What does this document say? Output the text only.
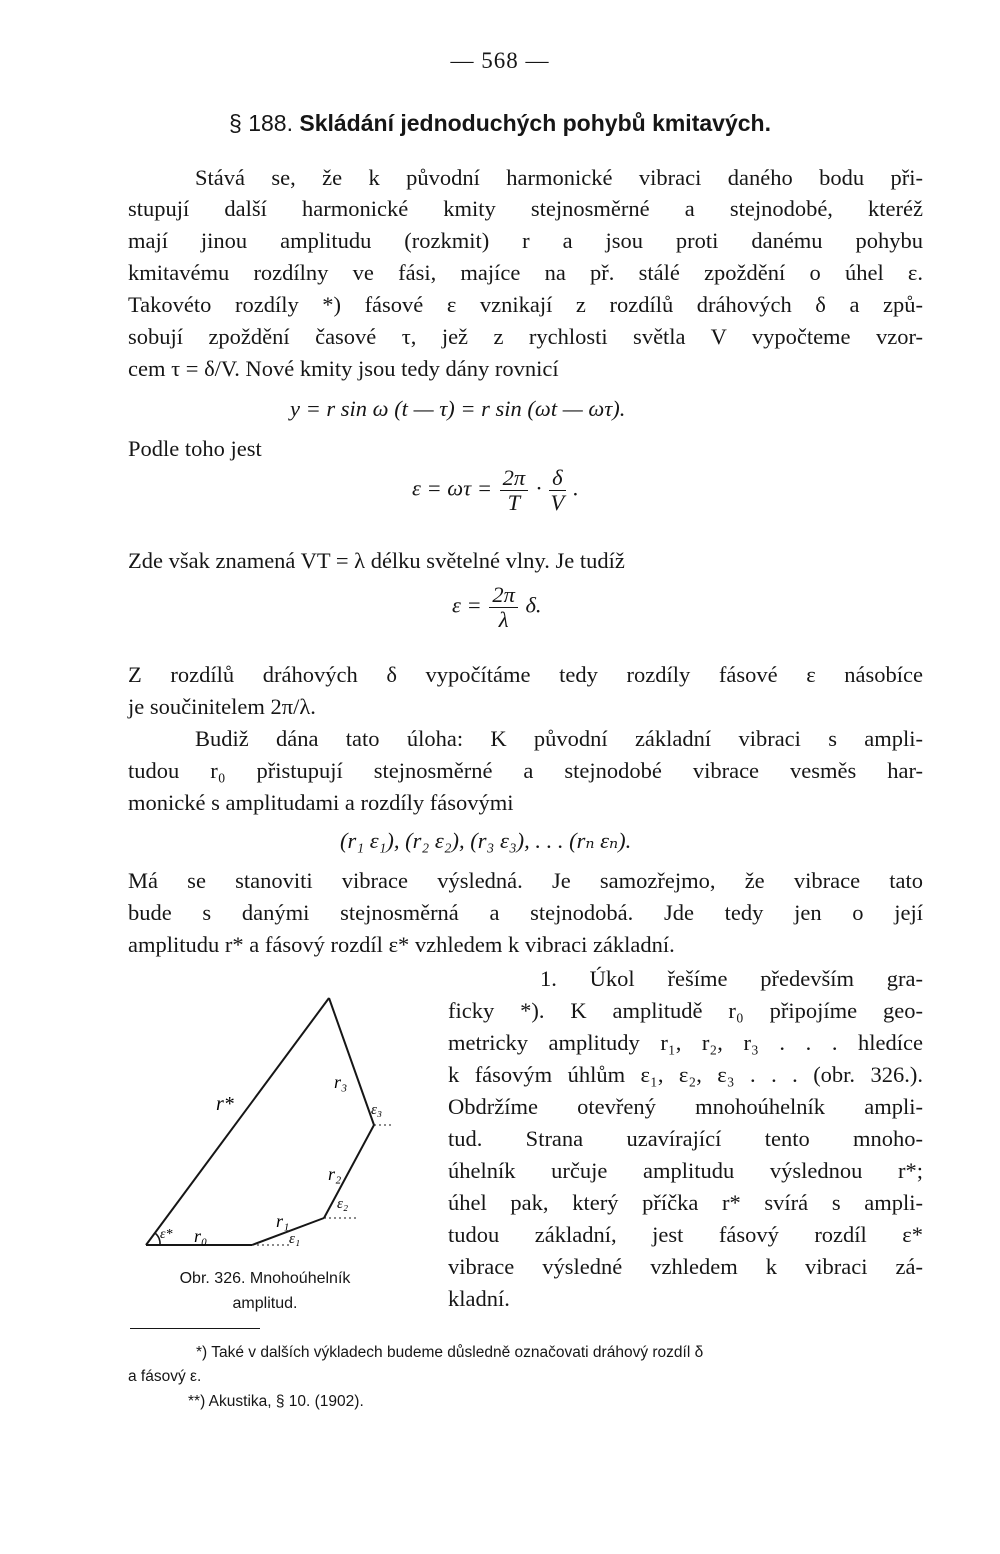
— 568 —
§ 188. Skládání jednoduchých pohybů kmitavých.
Stává se, že k původní harmonické vibraci daného bodu při-
stupují další harmonické kmity stejnosměrné a stejnodobé, kteréž
mají jinou amplitudu (rozkmit) r a jsou proti danému pohybu
kmitavému rozdílny ve fási, majíce na př. stálé zpoždění o úhel ε.
Takovéto rozdíly *) fásové ε vznikají z rozdílů dráhových δ a způ-
sobují zpoždění časové τ, jež z rychlosti světla V vypočteme vzor-
cem τ = δ/V. Nové kmity jsou tedy dány rovnicí
y = r sin ω (t — τ) = r sin (ωt — ωτ).
Podle toho jest
$\varepsilon = \omega\tau = \frac{2\pi}{T} \cdot \frac{\delta}{V}$ .
Zde však znamená VT = λ délku světelné vlny. Je tudíž
$\varepsilon = \frac{2\pi}{\lambda} \delta$.
Z rozdílů dráhových δ vypočítáme tedy rozdíly fásové ε násobíce
je součinitelem 2π/λ.
Budiž dána tato úloha: K původní základní vibraci s ampli-
tudou r₀ přistupují stejnosměrné a stejnodobé vibrace vesměs har-
monické s amplitudami a rozdíly fásovými
(r₁ ε₁), (r₂ ε₂), (r₃ ε₃), . . . (rₙ εₙ).
Má se stanoviti vibrace výsledná. Je samozřejmo, že vibrace tato
bude s danými stejnosměrná a stejnodobá. Jde tedy jen o její
amplitudu r* a fásový rozdíl ε* vzhledem k vibraci základní.
1. Úkol řešíme především gra-
ficky *). K amplitudě r₀ připojíme geo-
metricky amplitudy r₁, r₂, r₃ . . . hledíce
k fásovým úhlům ε₁, ε₂, ε₃ . . . (obr. 326.).
Obdržíme otevřený mnohoúhelník ampli-
tud. Strana uzavírající tento mnoho-
úhelník určuje amplitudu výslednou r*;
úhel pak, který příčka r* svírá s ampli-
tudou základní, jest fásový rozdíl ε*
vibrace výsledné vzhledem k vibraci zá-
kladní.
r*
r₀
r₁
r₂
r₃
ε₁
ε₂
ε₃
ε*
Obr. 326. Mnohoúhelník
amplitud.
*) Také v dalších výkladech budeme důsledně označovati dráhový rozdíl δ
a fásový ε.
**) Akustika, § 10. (1902).
